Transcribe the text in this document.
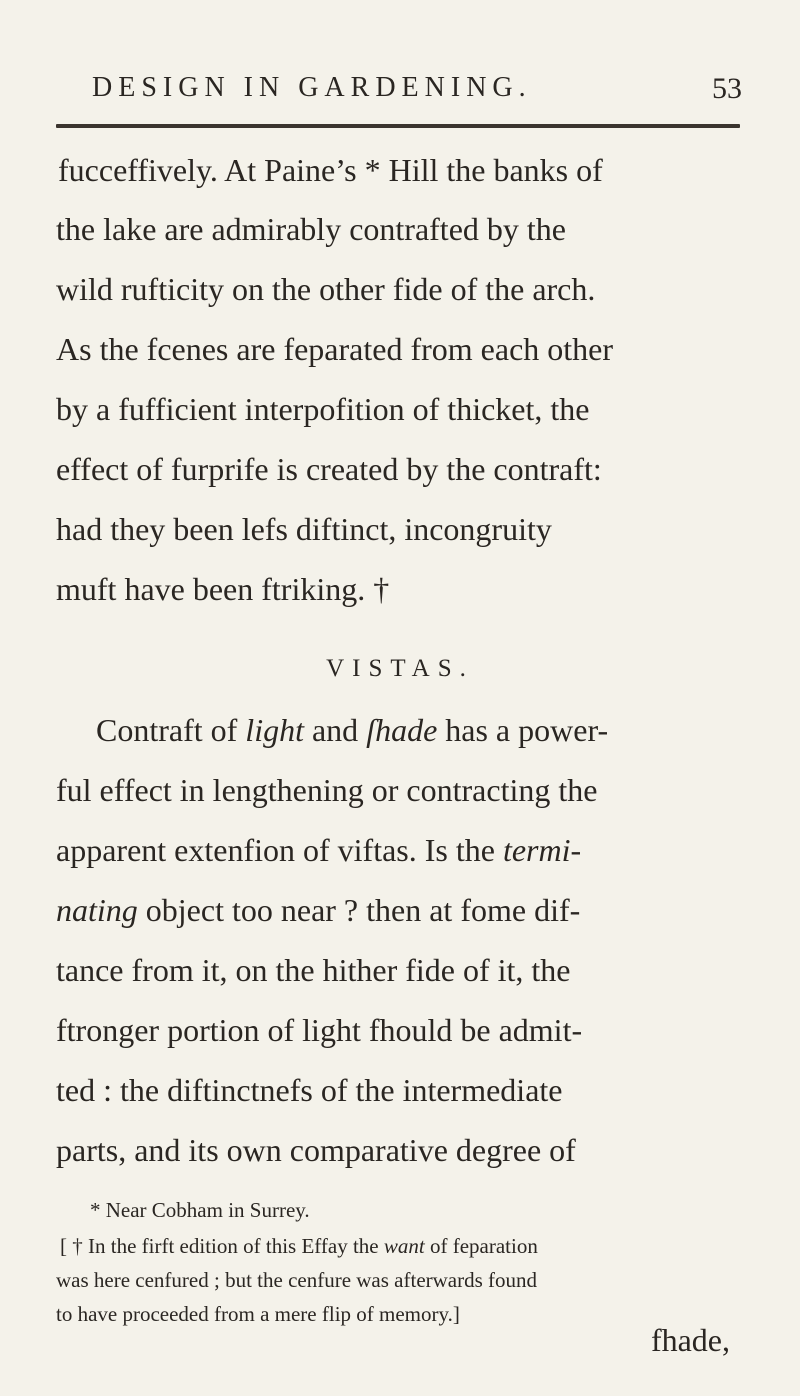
DESIGN IN GARDENING.	53
fucceffively. At Paine’s * Hill the banks of
the lake are admirably contrafted by the
wild rufticity on the other fide of the arch.
As the fcenes are feparated from each other
by a fufficient interpofition of thicket, the
effect of furprife is created by the contraft:
had they been lefs diftinct, incongruity
muft have been ftriking. †
VISTAS.
Contraft of light and ſhade has a power-
ful effect in lengthening or contracting the
apparent extenfion of viftas. Is the termi-
nating object too near ? then at fome dif-
tance from it, on the hither fide of it, the
ftronger portion of light fhould be admit-
ted : the diftinctnefs of the intermediate
parts, and its own comparative degree of
* Near Cobham in Surrey.
[ † In the firft edition of this Effay the want of feparation
was here cenfured ; but the cenfure was afterwards found
to have proceeded from a mere flip of memory.]
fhade,
